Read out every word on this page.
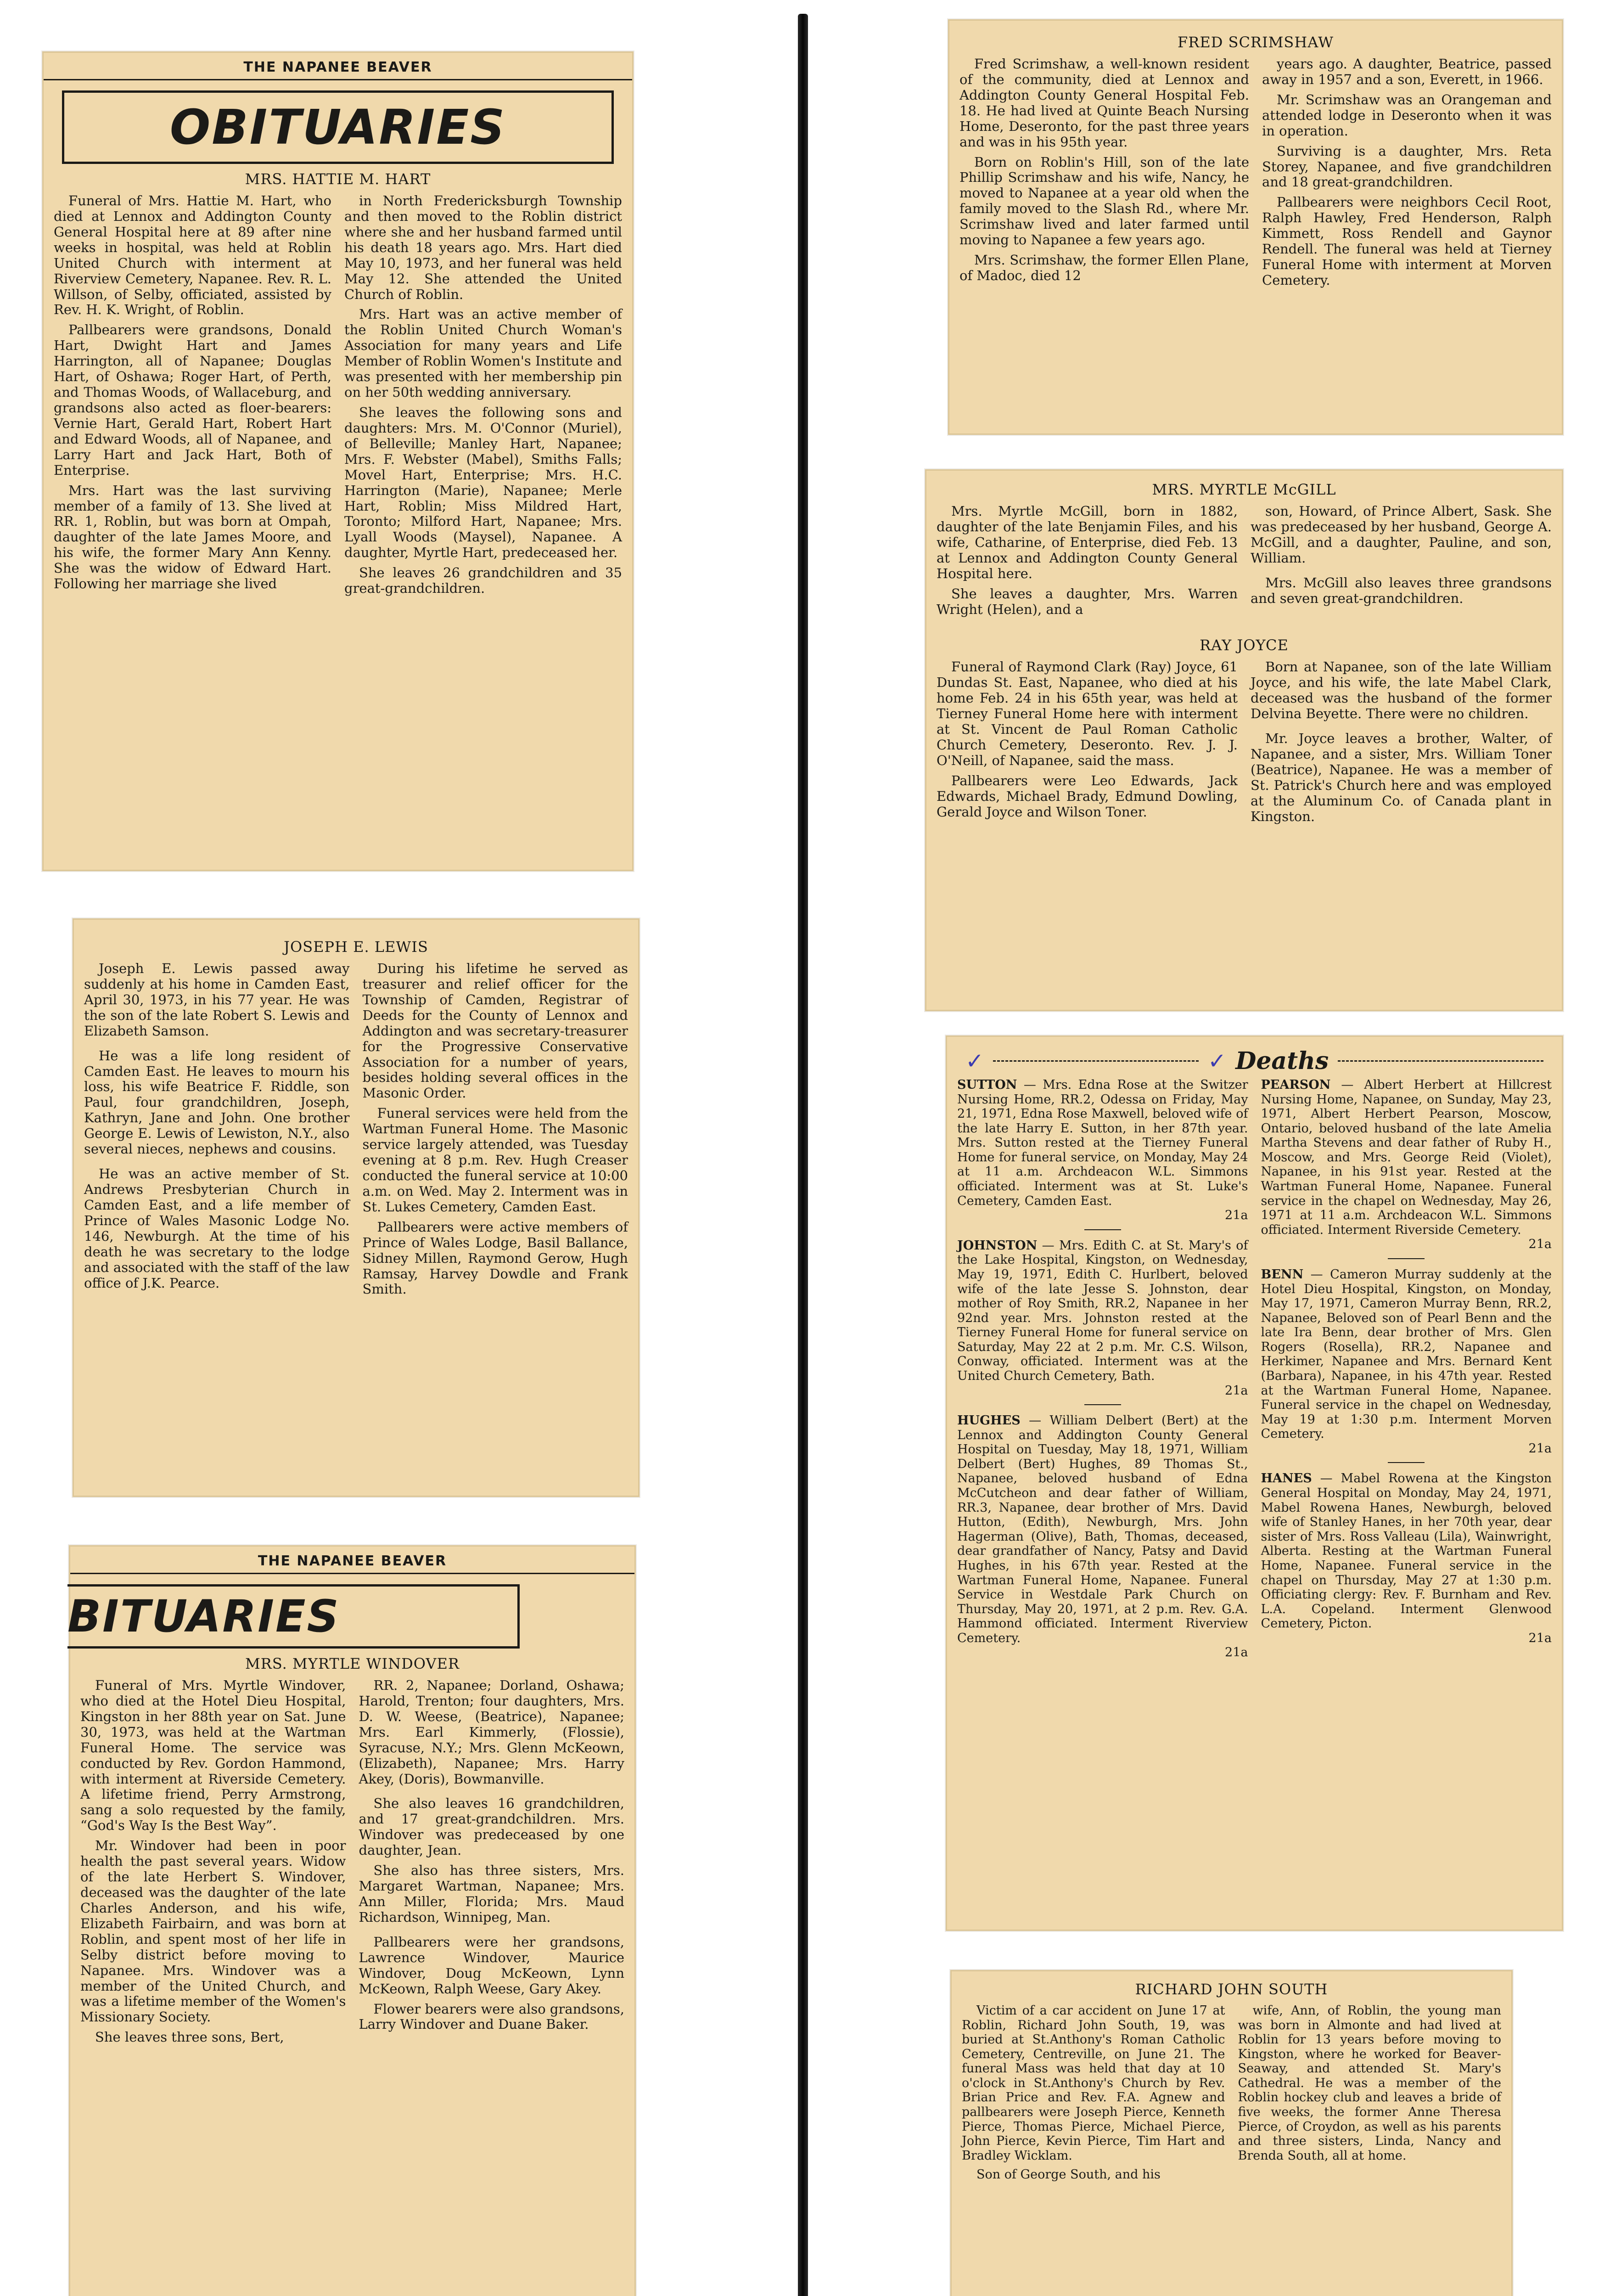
THE NAPANEE BEAVER
OBITUARIES
MRS. HATTIE M. HART

Funeral of Mrs. Hattie M. Hart, who died at Lennox and Addington County General Hospital here at 89 after nine weeks in hospital, was held at Roblin United Church with interment at Riverview Cemetery, Napanee. Rev. R. L. Willson, of Selby, officiated, assisted by Rev. H. K. Wright, of Roblin.

Pallbearers were grandsons, Donald Hart, Dwight Hart and James Harrington, all of Napanee; Douglas Hart, of Oshawa; Roger Hart, of Perth, and Thomas Woods, of Wallaceburg, and grandsons also acted as floer-bearers: Vernie Hart, Gerald Hart, Robert Hart and Edward Woods, all of Napanee, and Larry Hart and Jack Hart, Both of Enterprise.

Mrs. Hart was the last surviving member of a family of 13. She lived at RR. 1, Roblin, but was born at Ompah, daughter of the late James Moore, and his wife, the former Mary Ann Kenny. She was the widow of Edward Hart. Following her marriage she lived

in North Fredericksburgh Township and then moved to the Roblin district where she and her husband farmed until his death 18 years ago. Mrs. Hart died May 10, 1973, and her funeral was held May 12. She attended the United Church of Roblin.

Mrs. Hart was an active member of the Roblin United Church Woman's Association for many years and Life Member of Roblin Women's Institute and was presented with her membership pin on her 50th wedding anniversary.

She leaves the following sons and daughters: Mrs. M. O'Connor (Muriel), of Belleville; Manley Hart, Napanee; Mrs. F. Webster (Mabel), Smiths Falls; Movel Hart, Enterprise; Mrs. H.C. Harrington (Marie), Napanee; Merle Hart, Roblin; Miss Mildred Hart, Toronto; Milford Hart, Napanee; Mrs. Lyall Woods (Maysel), Napanee. A daughter, Myrtle Hart, predeceased her.

She leaves 26 grandchildren and 35 great-grandchildren.

JOSEPH E. LEWIS

Joseph E. Lewis passed away suddenly at his home in Camden East, April 30, 1973, in his 77 year. He was the son of the late Robert S. Lewis and Elizabeth Samson.

He was a life long resident of Camden East. He leaves to mourn his loss, his wife Beatrice F. Riddle, son Paul, four grandchildren, Joseph, Kathryn, Jane and John. One brother George E. Lewis of Lewiston, N.Y., also several nieces, nephews and cousins.

He was an active member of St. Andrews Presbyterian Church in Camden East, and a life member of Prince of Wales Masonic Lodge No. 146, Newburgh. At the time of his death he was secretary to the lodge and associated with the staff of the law office of J.K. Pearce.

During his lifetime he served as treasurer and relief officer for the Township of Camden, Registrar of Deeds for the County of Lennox and Addington and was secretary-treasurer for the Progressive Conservative Association for a number of years, besides holding several offices in the Masonic Order.

Funeral services were held from the Wartman Funeral Home. The Masonic service largely attended, was Tuesday evening at 8 p.m. Rev. Hugh Creaser conducted the funeral service at 10:00 a.m. on Wed. May 2. Interment was in St. Lukes Cemetery, Camden East.

Pallbearers were active members of Prince of Wales Lodge, Basil Ballance, Sidney Millen, Raymond Gerow, Hugh Ramsay, Harvey Dowdle and Frank Smith.

THE NAPANEE BEAVER
BITUARIES
MRS. MYRTLE WINDOVER

Funeral of Mrs. Myrtle Windover, who died at the Hotel Dieu Hospital, Kingston in her 88th year on Sat. June 30, 1973, was held at the Wartman Funeral Home. The service was conducted by Rev. Gordon Hammond, with interment at Riverside Cemetery. A lifetime friend, Perry Armstrong, sang a solo requested by the family, “God's Way Is the Best Way”.

Mr. Windover had been in poor health the past several years. Widow of the late Herbert S. Windover, deceased was the daughter of the late Charles Anderson, and his wife, Elizabeth Fairbairn, and was born at Roblin, and spent most of her life in Selby district before moving to Napanee. Mrs. Windover was a member of the United Church, and was a lifetime member of the Women's Missionary Society.

She leaves three sons, Bert,

RR. 2, Napanee; Dorland, Oshawa; Harold, Trenton; four daughters, Mrs. D. W. Weese, (Beatrice), Napanee; Mrs. Earl Kimmerly, (Flossie), Syracuse, N.Y.; Mrs. Glenn McKeown, (Elizabeth), Napanee; Mrs. Harry Akey, (Doris), Bowmanville.

She also leaves 16 grandchildren, and 17 great-grandchildren. Mrs. Windover was predeceased by one daughter, Jean.

She also has three sisters, Mrs. Margaret Wartman, Napanee; Mrs. Ann Miller, Florida; Mrs. Maud Richardson, Winnipeg, Man.

Pallbearers were her grandsons, Lawrence Windover, Maurice Windover, Doug McKeown, Lynn McKeown, Ralph Weese, Gary Akey.

Flower bearers were also grandsons, Larry Windover and Duane Baker.

FRED SCRIMSHAW

Fred Scrimshaw, a well-known resident of the community, died at Lennox and Addington County General Hospital Feb. 18. He had lived at Quinte Beach Nursing Home, Deseronto, for the past three years and was in his 95th year.

Born on Roblin's Hill, son of the late Phillip Scrimshaw and his wife, Nancy, he moved to Napanee at a year old when the family moved to the Slash Rd., where Mr. Scrimshaw lived and later farmed until moving to Napanee a few years ago.

Mrs. Scrimshaw, the former Ellen Plane, of Madoc, died 12

years ago. A daughter, Beatrice, passed away in 1957 and a son, Everett, in 1966.

Mr. Scrimshaw was an Orangeman and attended lodge in Deseronto when it was in operation.

Surviving is a daughter, Mrs. Reta Storey, Napanee, and five grandchildren and 18 great-grandchildren.

Pallbearers were neighbors Cecil Root, Ralph Hawley, Fred Henderson, Ralph Kimmett, Ross Rendell and Gaynor Rendell. The funeral was held at Tierney Funeral Home with interment at Morven Cemetery.

MRS. MYRTLE McGILL

Mrs. Myrtle McGill, born in 1882, daughter of the late Benjamin Files, and his wife, Catharine, of Enterprise, died Feb. 13 at Lennox and Addington County General Hospital here.

She leaves a daughter, Mrs. Warren Wright (Helen), and a

son, Howard, of Prince Albert, Sask. She was predeceased by her husband, George A. McGill, and a daughter, Pauline, and son, William.

Mrs. McGill also leaves three grandsons and seven great-grandchildren.

RAY JOYCE

Funeral of Raymond Clark (Ray) Joyce, 61 Dundas St. East, Napanee, who died at his home Feb. 24 in his 65th year, was held at Tierney Funeral Home here with interment at St. Vincent de Paul Roman Catholic Church Cemetery, Deseronto. Rev. J. J. O'Neill, of Napanee, said the mass.

Pallbearers were Leo Edwards, Jack Edwards, Michael Brady, Edmund Dowling, Gerald Joyce and Wilson Toner.

Born at Napanee, son of the late William Joyce, and his wife, the late Mabel Clark, deceased was the husband of the former Delvina Beyette. There were no children.

Mr. Joyce leaves a brother, Walter, of Napanee, and a sister, Mrs. William Toner (Beatrice), Napanee. He was a member of St. Patrick's Church here and was employed at the Aluminum Co. of Canada plant in Kingston.

✓	✓ Deaths
SUTTON — Mrs. Edna Rose at the Switzer Nursing Home, RR.2, Odessa on Friday, May 21, 1971, Edna Rose Maxwell, beloved wife of the late Harry E. Sutton, in her 87th year. Mrs. Sutton rested at the Tierney Funeral Home for funeral service, on Monday, May 24 at 11 a.m. Archdeacon W.L. Simmons officiated. Interment was at St. Luke's Cemetery, Camden East.
21a
JOHNSTON — Mrs. Edith C. at St. Mary's of the Lake Hospital, Kingston, on Wednesday, May 19, 1971, Edith C. Hurlbert, beloved wife of the late Jesse S. Johnston, dear mother of Roy Smith, RR.2, Napanee in her 92nd year. Mrs. Johnston rested at the Tierney Funeral Home for funeral service on Saturday, May 22 at 2 p.m. Mr. C.S. Wilson, Conway, officiated. Interment was at the United Church Cemetery, Bath.
21a
HUGHES — William Delbert (Bert) at the Lennox and Addington County General Hospital on Tuesday, May 18, 1971, William Delbert (Bert) Hughes, 89 Thomas St., Napanee, beloved husband of Edna McCutcheon and dear father of William, RR.3, Napanee, dear brother of Mrs. David Hutton, (Edith), Newburgh, Mrs. John Hagerman (Olive), Bath, Thomas, deceased, dear grandfather of Nancy, Patsy and David Hughes, in his 67th year. Rested at the Wartman Funeral Home, Napanee. Funeral Service in Westdale Park Church on Thursday, May 20, 1971, at 2 p.m. Rev. G.A. Hammond officiated. Interment Riverview Cemetery.
21a
PEARSON — Albert Herbert at Hillcrest Nursing Home, Napanee, on Sunday, May 23, 1971, Albert Herbert Pearson, Moscow, Ontario, beloved husband of the late Amelia Martha Stevens and dear father of Ruby H., Moscow, and Mrs. George Reid (Violet), Napanee, in his 91st year. Rested at the Wartman Funeral Home, Napanee. Funeral service in the chapel on Wednesday, May 26, 1971 at 11 a.m. Archdeacon W.L. Simmons officiated. Interment Riverside Cemetery.
21a
BENN — Cameron Murray suddenly at the Hotel Dieu Hospital, Kingston, on Monday, May 17, 1971, Cameron Murray Benn, RR.2, Napanee, Beloved son of Pearl Benn and the late Ira Benn, dear brother of Mrs. Glen Rogers (Rosella), RR.2, Napanee and Herkimer, Napanee and Mrs. Bernard Kent (Barbara), Napanee, in his 47th year. Rested at the Wartman Funeral Home, Napanee. Funeral service in the chapel on Wednesday, May 19 at 1:30 p.m. Interment Morven Cemetery.
21a
HANES — Mabel Rowena at the Kingston General Hospital on Monday, May 24, 1971, Mabel Rowena Hanes, Newburgh, beloved wife of Stanley Hanes, in her 70th year, dear sister of Mrs. Ross Valleau (Lila), Wainwright, Alberta. Resting at the Wartman Funeral Home, Napanee. Funeral service in the chapel on Thursday, May 27 at 1:30 p.m. Officiating clergy: Rev. F. Burnham and Rev. L.A. Copeland. Interment Glenwood Cemetery, Picton.
21a
RICHARD JOHN SOUTH

Victim of a car accident on June 17 at Roblin, Richard John South, 19, was buried at St.Anthony's Roman Catholic Cemetery, Centreville, on June 21. The funeral Mass was held that day at 10 o'clock in St.Anthony's Church by Rev. Brian Price and Rev. F.A. Agnew and pallbearers were Joseph Pierce, Kenneth Pierce, Thomas Pierce, Michael Pierce, John Pierce, Kevin Pierce, Tim Hart and Bradley Wicklam.

Son of George South, and his

wife, Ann, of Roblin, the young man was born in Almonte and had lived at Roblin for 13 years before moving to Kingston, where he worked for Beaver-Seaway, and attended St. Mary's Cathedral. He was a member of the Roblin hockey club and leaves a bride of five weeks, the former Anne Theresa Pierce, of Croydon, as well as his parents and three sisters, Linda, Nancy and Brenda South, all at home.
